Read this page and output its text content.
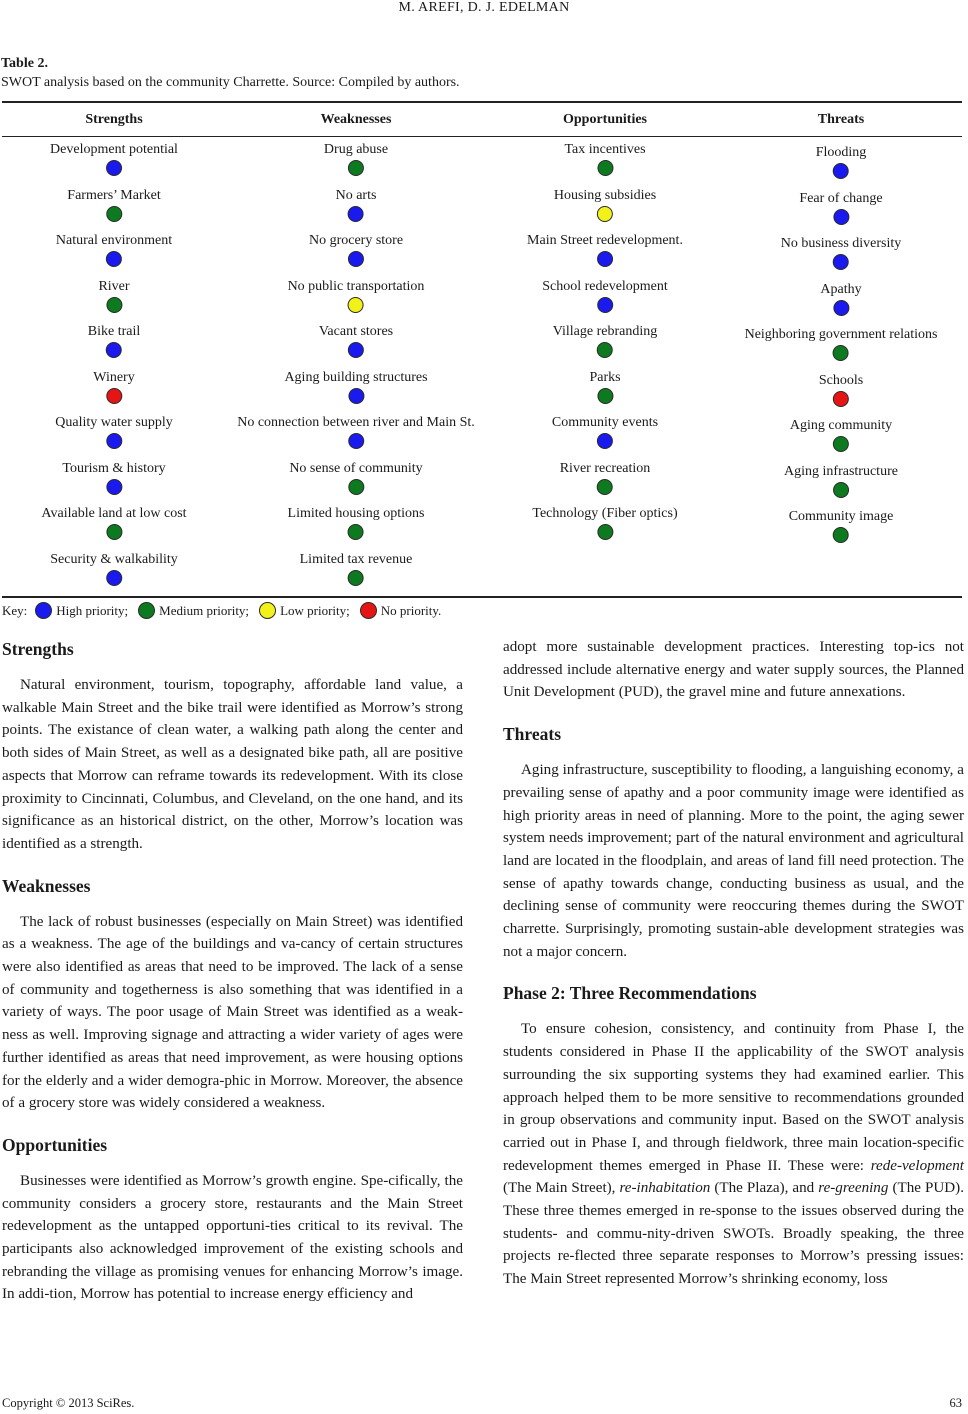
M. AREFI, D. J. EDELMAN
Table 2.
SWOT analysis based on the community Charrette. Source: Compiled by authors.
Strengths
Development potential
Farmers’ Market
Natural environment
River
Bike trail
Winery
Quality water supply
Tourism & history
Available land at low cost
Security & walkability
Weaknesses
Drug abuse
No arts
No grocery store
No public transportation
Vacant stores
Aging building structures
No connection between river and Main St.
No sense of community
Limited housing options
Limited tax revenue
Opportunities
Tax incentives
Housing subsidies
Main Street redevelopment.
School redevelopment
Village rebranding
Parks
Community events
River recreation
Technology (Fiber optics)
Threats
Flooding
Fear of change
No business diversity
Apathy
Neighboring government relations
Schools
Aging community
Aging infrastructure
Community image
Key: High priority; Medium priority; Low priority; No priority.
Strengths

Natural environment, tourism, topography, affordable land value, a walkable Main Street and the bike trail were identified as Morrow’s strong points. The existance of clean water, a walking path along the center and both sides of Main Street, as well as a designated bike path, all are positive aspects that Morrow can reframe towards its redevelopment. With its close proximity to Cincinnati, Columbus, and Cleveland, on the one hand, and its significance as an historical district, on the other, Morrow’s location was identified as a strength.

Weaknesses

The lack of robust businesses (especially on Main Street) was identified as a weakness. The age of the buildings and va-cancy of certain structures were also identified as areas that need to be improved. The lack of a sense of community and togetherness is also something that was identified in a variety of ways. The poor usage of Main Street was identified as a weak-ness as well. Improving signage and attracting a wider variety of ages were further identified as areas that need improvement, as were housing options for the elderly and a wider demogra-phic in Morrow. Moreover, the absence of a grocery store was widely considered a weakness.

Opportunities

Businesses were identified as Morrow’s growth engine. Spe-cifically, the community considers a grocery store, restaurants and the Main Street redevelopment as the untapped opportuni-ties critical to its revival. The participants also acknowledged improvement of the existing schools and rebranding the village as promising venues for enhancing Morrow’s image. In addi-tion, Morrow has potential to increase energy efficiency and

adopt more sustainable development practices. Interesting top-ics not addressed include alternative energy and water supply sources, the Planned Unit Development (PUD), the gravel mine and future annexations.

Threats

Aging infrastructure, susceptibility to flooding, a languishing economy, a prevailing sense of apathy and a poor community image were identified as high priority areas in need of planning. More to the point, the aging sewer system needs improvement; part of the natural environment and agricultural land are located in the floodplain, and areas of land fill need protection. The sense of apathy towards change, conducting business as usual, and the declining sense of community were reoccuring themes during the SWOT charrette. Surprisingly, promoting sustain-able development strategies was not a major concern.

Phase 2: Three Recommendations

To ensure cohesion, consistency, and continuity from Phase I, the students considered in Phase II the applicability of the SWOT analysis surrounding the six supporting systems they had examined earlier. This approach helped them to be more sensitive to recommendations grounded in group observations and community input. Based on the SWOT analysis carried out in Phase I, and through fieldwork, three main location-specific redevelopment themes emerged in Phase II. These were: rede-velopment (The Main Street), re-inhabitation (The Plaza), and re-greening (The PUD). These three themes emerged in re-sponse to the issues observed during the students- and commu-nity-driven SWOTs. Broadly speaking, the three projects re-flected three separate responses to Morrow’s pressing issues: The Main Street represented Morrow’s shrinking economy, loss

Copyright © 2013 SciRes.	63
